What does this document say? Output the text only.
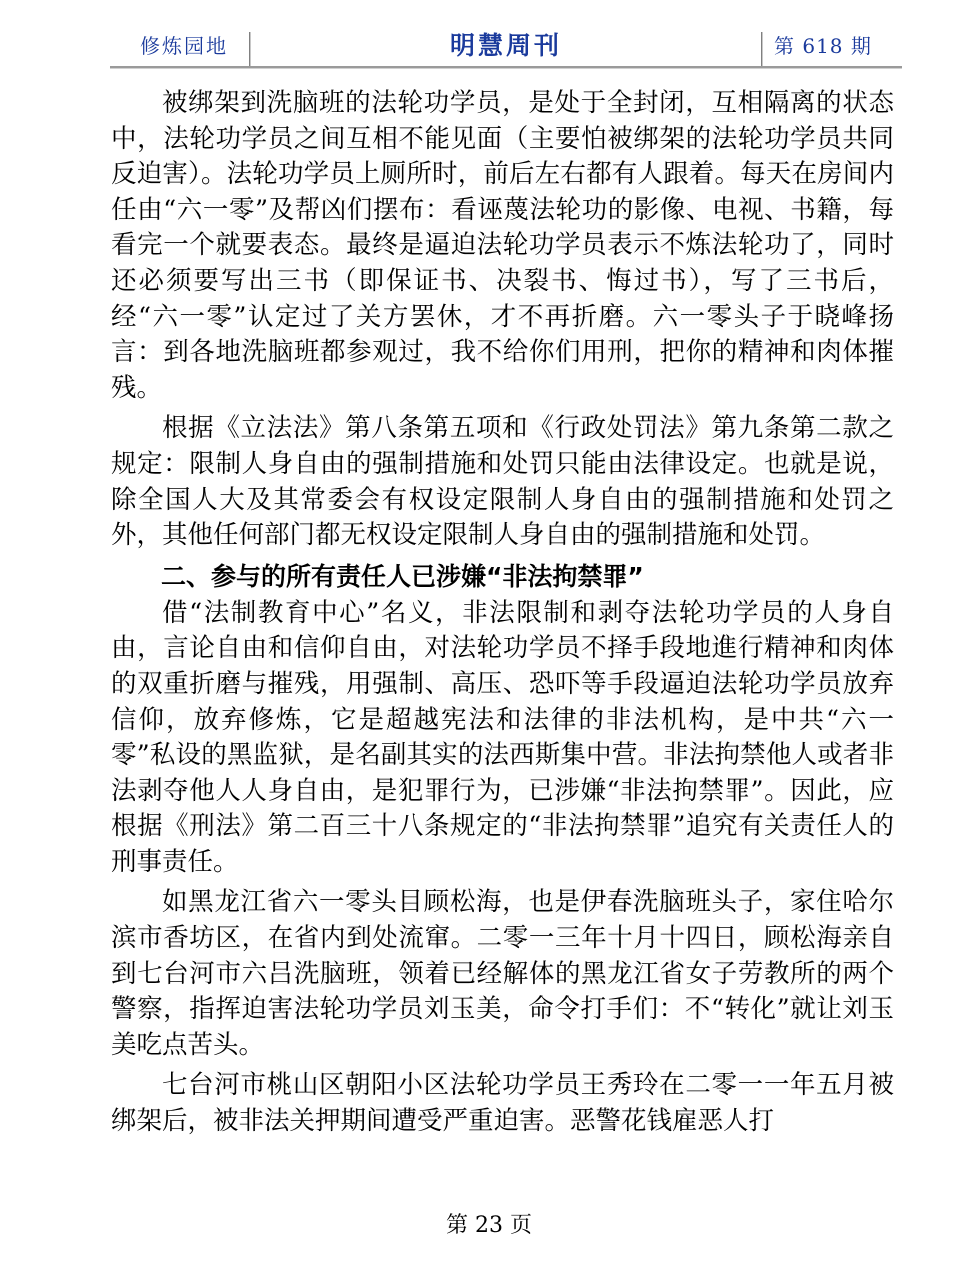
修炼园地	明慧周刊	第 618 期

被绑架到洗脑班的法轮功学员，是处于全封闭，互相隔离的状态中，法轮功学员之间互相不能见面（主要怕被绑架的法轮功学员共同反迫害）。法轮功学员上厕所时，前后左右都有人跟着。每天在房间内任由“六一零”及帮凶们摆布：看诬蔑法轮功的影像、电视、书籍，每看完一个就要表态。最终是逼迫法轮功学员表示不炼法轮功了，同时还必须要写出三书（即保证书、决裂书、悔过书），写了三书后，经“六一零”认定过了关方罢休，才不再折磨。六一零头子于晓峰扬言：到各地洗脑班都参观过，我不给你们用刑，把你的精神和肉体摧残。

根据《立法法》第八条第五项和《行政处罚法》第九条第二款之规定：限制人身自由的强制措施和处罚只能由法律设定。也就是说，除全国人大及其常委会有权设定限制人身自由的强制措施和处罚之外，其他任何部门都无权设定限制人身自由的强制措施和处罚。

二、参与的所有责任人已涉嫌“非法拘禁罪”

借“法制教育中心”名义，非法限制和剥夺法轮功学员的人身自由，言论自由和信仰自由，对法轮功学员不择手段地進行精神和肉体的双重折磨与摧残，用强制、高压、恐吓等手段逼迫法轮功学员放弃信仰，放弃修炼，它是超越宪法和法律的非法机构，是中共“六一零”私设的黑监狱，是名副其实的法西斯集中营。非法拘禁他人或者非法剥夺他人人身自由，是犯罪行为，已涉嫌“非法拘禁罪”。因此，应根据《刑法》第二百三十八条规定的“非法拘禁罪”追究有关责任人的刑事责任。

如黑龙江省六一零头目顾松海，也是伊春洗脑班头子，家住哈尔滨市香坊区，在省内到处流窜。二零一三年十月十四日，顾松海亲自到七台河市六吕洗脑班，领着已经解体的黑龙江省女子劳教所的两个警察，指挥迫害法轮功学员刘玉美，命令打手们：不“转化”就让刘玉美吃点苦头。

七台河市桃山区朝阳小区法轮功学员王秀玲在二零一一年五月被绑架后，被非法关押期间遭受严重迫害。恶警花钱雇恶人打

第 23 页
